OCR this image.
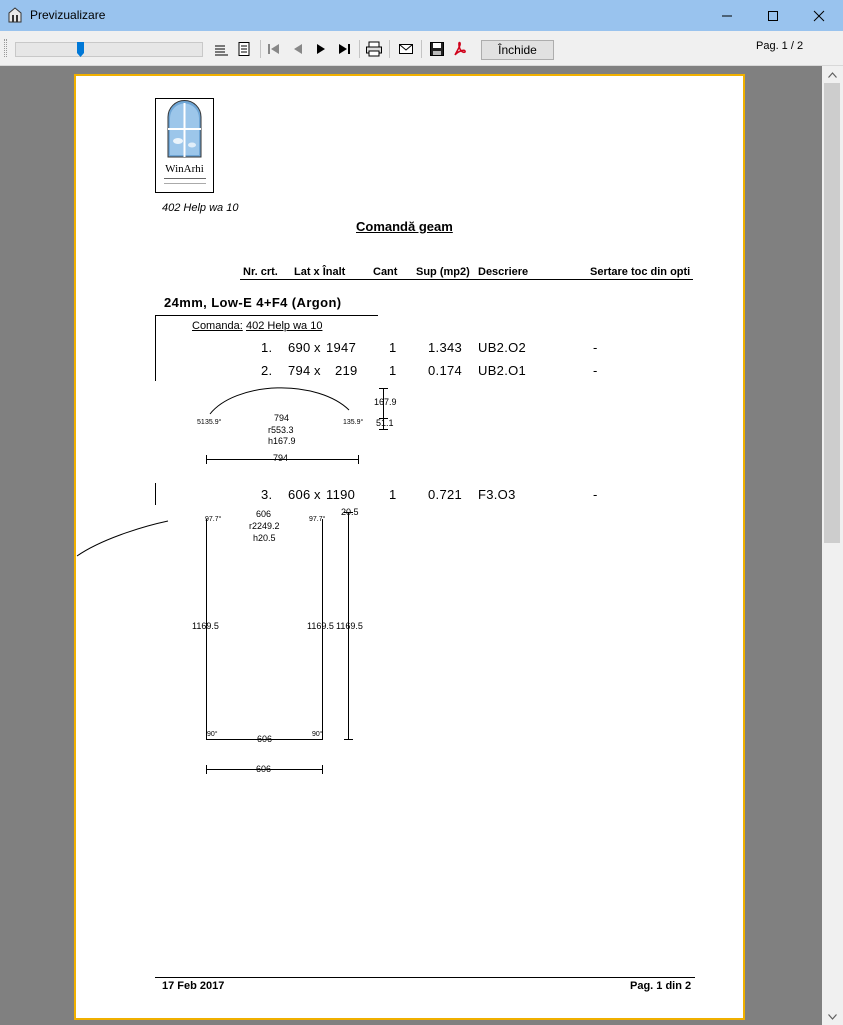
Previzualizare
Închide	Pag. 1 / 2
WinArhi
402 Help wa 10
Comandă geam
Nr. crt. Lat x Înalt	Cant Sup (mp2) Descriere	Sertare toc din opti
24mm, Low-E 4+F4 (Argon)
Comanda: 402 Help wa 10
1. 690 x 1947	1 1.343 UB2.O2	-
2. 794 x 219 1 0.174 UB2.O1	-
3. 606 x 1190	1 0.721 F3.O3	-
167.9
794
51 35.9°	135.9° 51.1
r553.3
h167.9
794
20.5
606
97.7°	97.7°
r2249.2
h20.5
1169.5	1169.5 1169.5
90°	90°
606
606
17 Feb 2017	Pag. 1 din 2
